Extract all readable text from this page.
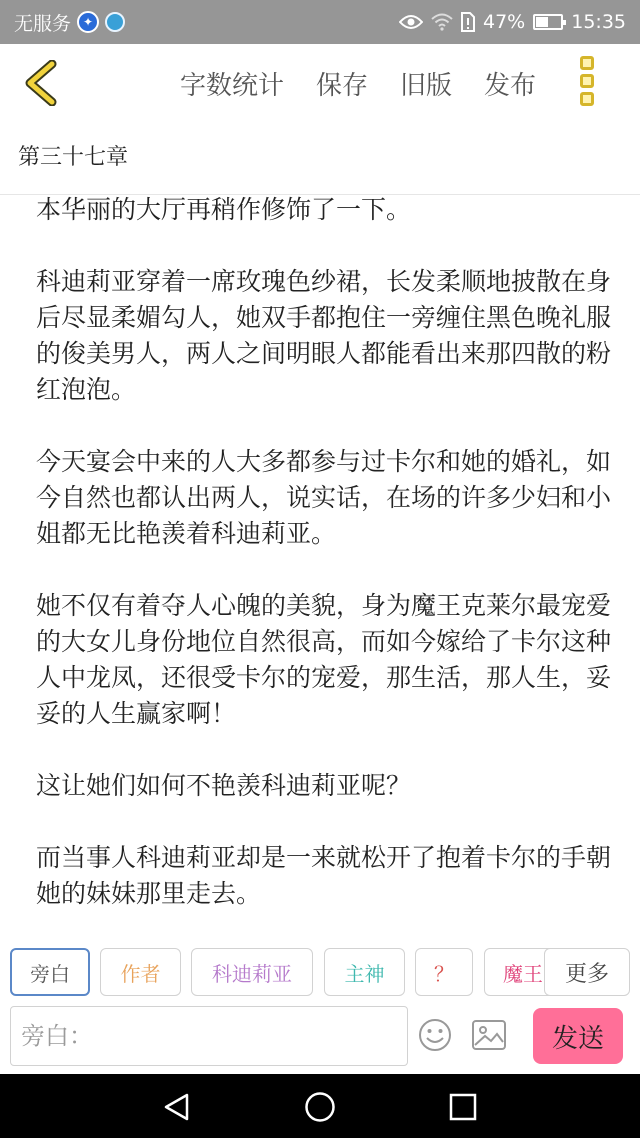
无服务 ✦	47% 15:35
字数统计 保存 旧版 发布
第三十七章

本华丽的大厅再稍作修饰了一下。

科迪莉亚穿着一席玫瑰色纱裙，长发柔顺地披散在身后尽显柔媚勾人，她双手都抱住一旁缠住黑色晚礼服的俊美男人，两人之间明眼人都能看出来那四散的粉红泡泡。

今天宴会中来的人大多都参与过卡尔和她的婚礼，如今自然也都认出两人，说实话，在场的许多少妇和小姐都无比艳羡着科迪莉亚。

她不仅有着夺人心魄的美貌，身为魔王克莱尔最宠爱的大女儿身份地位自然很高，而如今嫁给了卡尔这种人中龙凤，还很受卡尔的宠爱，那生活，那人生，妥妥的人生赢家啊！

这让她们如何不艳羡科迪莉亚呢？

而当事人科迪莉亚却是一来就松开了抱着卡尔的手朝她的妹妹那里走去。

旁白	作者	科迪莉亚	主神 ？ 魔王 更多
旁白：
发送
